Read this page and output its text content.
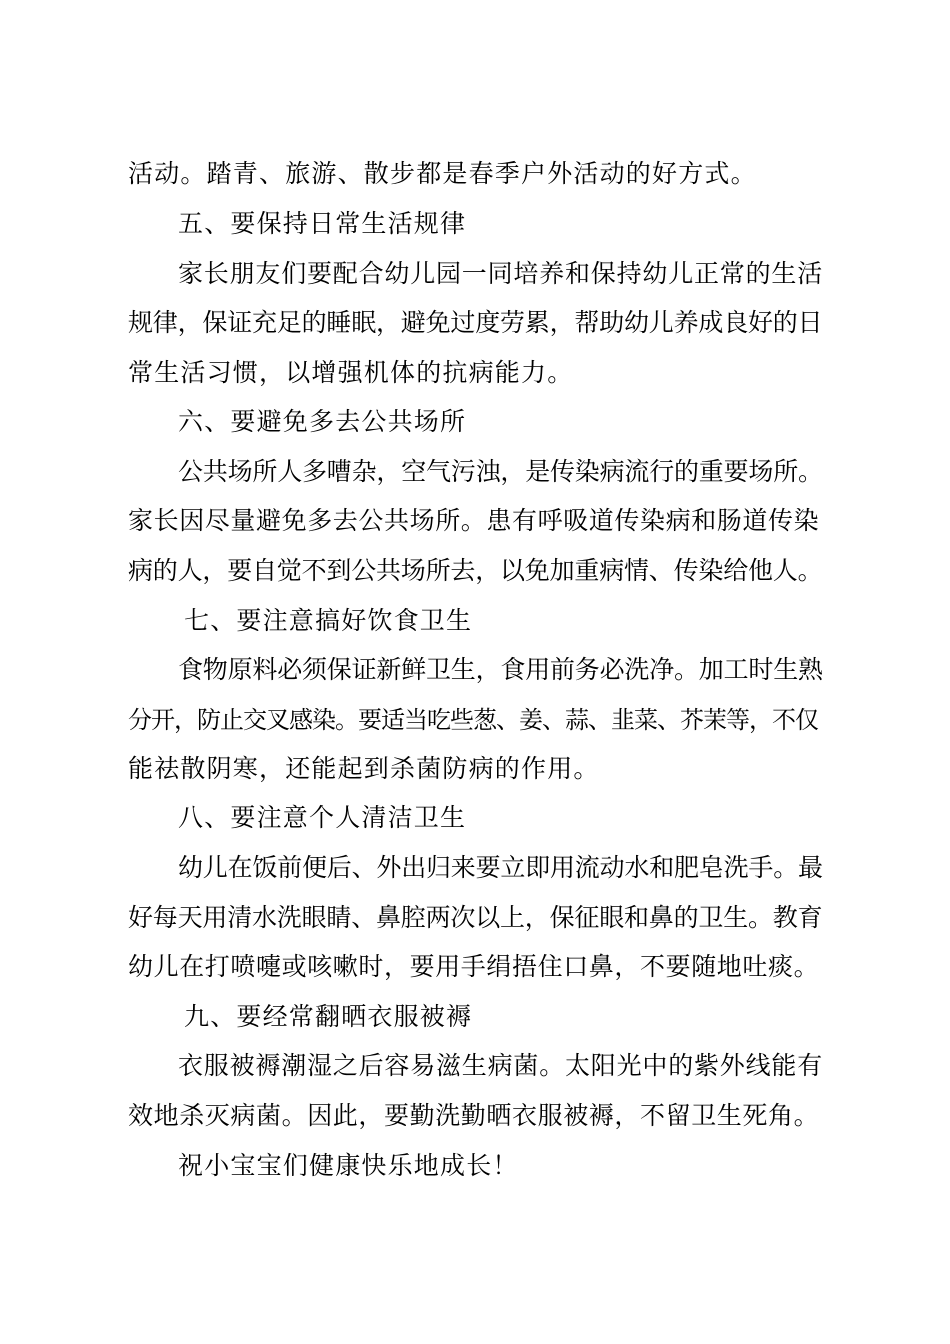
活动。踏青、旅游、散步都是春季户外活动的好方式。
五、要保持日常生活规律
家长朋友们要配合幼儿园一同培养和保持幼儿正常的生活
规律，保证充足的睡眠，避免过度劳累，帮助幼儿养成良好的日
常生活习惯，以增强机体的抗病能力。
六、要避免多去公共场所
公共场所人多嘈杂，空气污浊，是传染病流行的重要场所。
家长因尽量避免多去公共场所。患有呼吸道传染病和肠道传染
病的人，要自觉不到公共场所去，以免加重病情、传染给他人。
七、要注意搞好饮食卫生
食物原料必须保证新鲜卫生，食用前务必洗净。加工时生熟
分开，防止交叉感染。要适当吃些葱、姜、蒜、韭菜、芥茉等，不仅
能祛散阴寒，还能起到杀菌防病的作用。
八、要注意个人清洁卫生
幼儿在饭前便后、外出归来要立即用流动水和肥皂洗手。最
好每天用清水洗眼睛、鼻腔两次以上，保征眼和鼻的卫生。教育
幼儿在打喷嚏或咳嗽时，要用手绢捂住口鼻，不要随地吐痰。
九、要经常翻晒衣服被褥
衣服被褥潮湿之后容易滋生病菌。太阳光中的紫外线能有
效地杀灭病菌。因此，要勤洗勤晒衣服被褥，不留卫生死角。
祝小宝宝们健康快乐地成长！
